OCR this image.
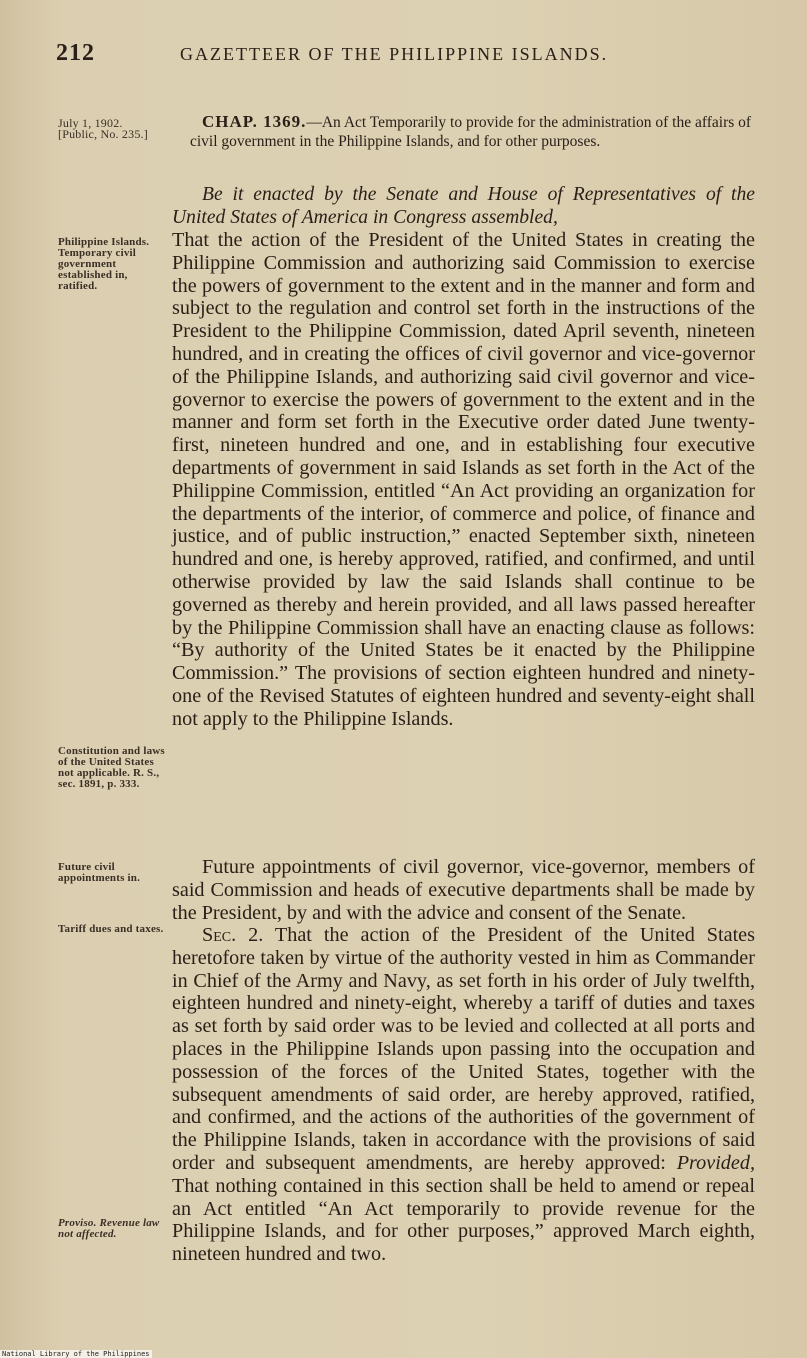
212	GAZETTEER OF THE PHILIPPINE ISLANDS.
July 1, 1902.
[Public, No. 235.]
CHAP. 1369.—An Act Temporarily to provide for the administration of the affairs of civil government in the Philippine Islands, and for other purposes.
Be it enacted by the Senate and House of Representatives of the United States of America in Congress assembled,
Philippine Islands. Temporary civil government established in, ratified.

That the action of the President of the United States in creating the Philippine Commission and authorizing said Commission to exercise the powers of government to the extent and in the manner and form and subject to the regulation and control set forth in the instructions of the President to the Philippine Commission, dated April seventh, nineteen hundred, and in creating the offices of civil governor and vice-governor of the Philippine Islands, and authorizing said civil governor and vice-governor to exercise the powers of government to the extent and in the manner and form set forth in the Executive order dated June twenty-first, nineteen hundred and one, and in establishing four executive departments of government in said Islands as set forth in the Act of the Philippine Commission, entitled “An Act providing an organization for the departments of the interior, of commerce and police, of finance and justice, and of public instruction,” enacted September sixth, nineteen hundred and one, is hereby approved, ratified, and confirmed, and until otherwise provided by law the said Islands shall continue to be governed as thereby and herein provided, and all laws passed hereafter by the Philippine Commission shall have an enacting clause as follows: “By authority of the United States be it enacted by the Philippine Commission.” The provisions of section eighteen hundred and ninety-one of the Revised Statutes of eighteen hundred and seventy-eight shall not apply to the Philippine Islands.

Constitution and laws of the United States not applicable. R. S., sec. 1891, p. 333.

Future appointments of civil governor, vice-governor, members of said Commission and heads of executive departments shall be made by the President, by and with the advice and consent of the Senate.

Future civil appointments in.
Tariff dues and taxes.	Sec. 2. That the action of the President of the United States heretofore taken by virtue of the authority vested in him as Commander in Chief of the Army and Navy, as set forth in his order of July twelfth, eighteen hundred and ninety-eight, whereby a tariff of duties and taxes as set forth by said order was to be levied and collected at all ports and places in the Philippine Islands upon passing into the occupation and possession of the forces of the United States, together with the subsequent amendments of said order, are hereby approved, ratified, and confirmed, and the actions of the authorities of the government of the Philippine Islands, taken in accordance with the provisions of said order and subsequent amendments, are hereby approved: Provided, That nothing contained in this section shall be held to amend or repeal an Act entitled “An Act temporarily to provide revenue for the Philippine Islands, and for other purposes,” approved March eighth, nineteen hundred and two.

Proviso. Revenue law not affected.
National Library of the Philippines
